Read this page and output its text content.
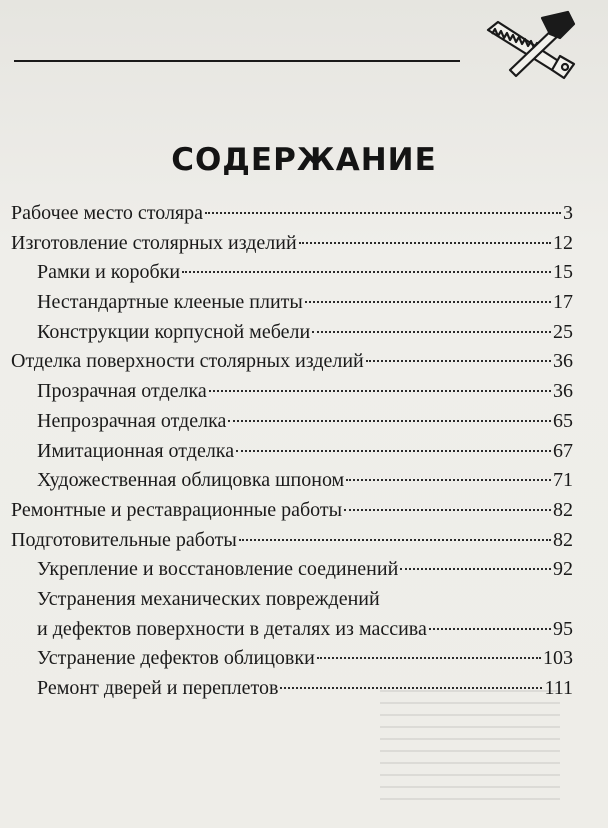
СОДЕРЖАНИЕ
Рабочее место столяра	3
Изготовление столярных изделий	12
Рамки и коробки	15
Нестандартные клееные плиты	17
Конструкции корпусной мебели	25
Отделка поверхности столярных изделий	36
Прозрачная отделка	36
Непрозрачная отделка	65
Имитационная отделка	67
Художественная облицовка шпоном	71
Ремонтные и реставрационные работы	82
Подготовительные работы	82
Укрепление и восстановление соединений	92
Устранения механических повреждений
и дефектов поверхности в деталях из массива	95
Устранение дефектов облицовки	103
Ремонт дверей и переплетов	111
